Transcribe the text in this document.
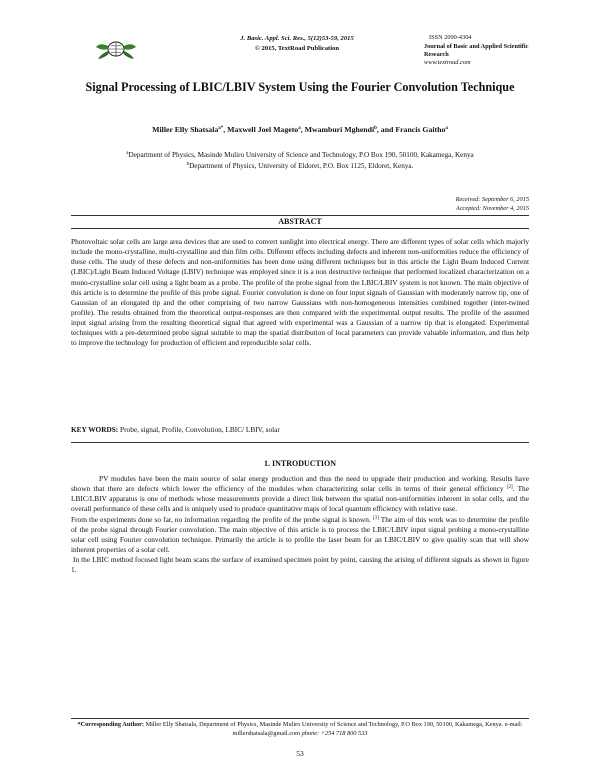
J. Basic. Appl. Sci. Res., 5(12)53-59, 2015
© 2015, TextRoad Publication
ISSN 2090-4304
Journal of Basic and Applied Scientific Research
www.textroad.com
Signal Processing of LBIC/LBIV System Using the Fourier Convolution Technique
Miller Elly Shatsala$^{a*}$, Maxwell Joel Mageto$^a$, Mwamburi Mghendi$^b$, and Francis Gaitho$^a$
$^a$Department of Physics, Masinde Muliro University of Science and Technology, P.O Box 190, 50100, Kakamega, Kenya
$^b$Department of Physics, University of Eldoret, P.O. Box 1125, Eldoret, Kenya.
Received: September 6, 2015
Accepted: November 4, 2015
ABSTRACT
Photovoltaic solar cells are large area devices that are used to convert sunlight into electrical energy. There are different types of solar cells which majorly include the mono-crystalline, multi-crystalline and thin film cells. Different effects including defects and inherent non-uniformities reduce the efficiency of these cells. The study of these defects and non-uniformities has been done using different techniques but in this article the Light Beam Induced Current (LBIC)/Light Beam Induced Voltage (LBIV) technique was employed since it is a non destructive technique that performed localized characterization on a mono-crystalline solar cell using a light beam as a probe. The profile of the probe signal from the LBIC/LBIV system is not known. The main objective of this article is to determine the profile of this probe signal. Fourier convolution is done on four input signals of Gaussian with moderately narrow tip, one of Gaussian of an elongated tip and the other comprising of two narrow Gaussians with non-homogeneous intensities combined together (inter-twined profile). The results obtained from the theoretical output-responses are then compared with the experimental output results. The profile of the assumed input signal arising from the resulting theoretical signal that agreed with experimental was a Gaussian of a narrow tip that is elongated. Experimental techniques with a pre-determined probe signal suitable to map the spatial distribution of local parameters can provide valuable information, and thus help to improve the technology for production of efficient and reproducible solar cells.
KEY WORDS: Probe, signal, Profile, Convolution, LBIC/ LBIV, solar
1. INTRODUCTION

PV modules have been the main source of solar energy production and thus the need to upgrade their production and working. Results have shown that there are defects which lower the efficiency of the modules when characterizing solar cells in terms of their general efficiency [2]. The LBIC/LBIV apparatus is one of methods whose measurements provide a direct link between the spatial non-uniformities inherent in solar cells, and the overall performance of these cells and is uniquely used to produce quantitative maps of local quantum efficiency with relative ease.

From the experiments done so far, no information regarding the profile of the probe signal is known. [3] The aim of this work was to determine the profile of the probe signal through Fourier convolution. The main objective of this article is to process the LBIC/LBIV input signal probing a mono-crystalline solar cell using Fourier convolution technique. Primarily the article is to profile the laser beam for an LBIC/LBIV to give quality scan that will show inherent properties of a solar cell.

In the LBIC method focused light beam scans the surface of examined specimen point by point, causing the arising of different signals as shown in figure 1.

*Corresponding Author: Miller Elly Shatsala, Department of Physics, Masinde Muliro University of Science and Technology, P.O Box 190, 50100, Kakamega, Kenya. e-mail: millershatsala@gmail.com phone: +254 718 800 533
53
